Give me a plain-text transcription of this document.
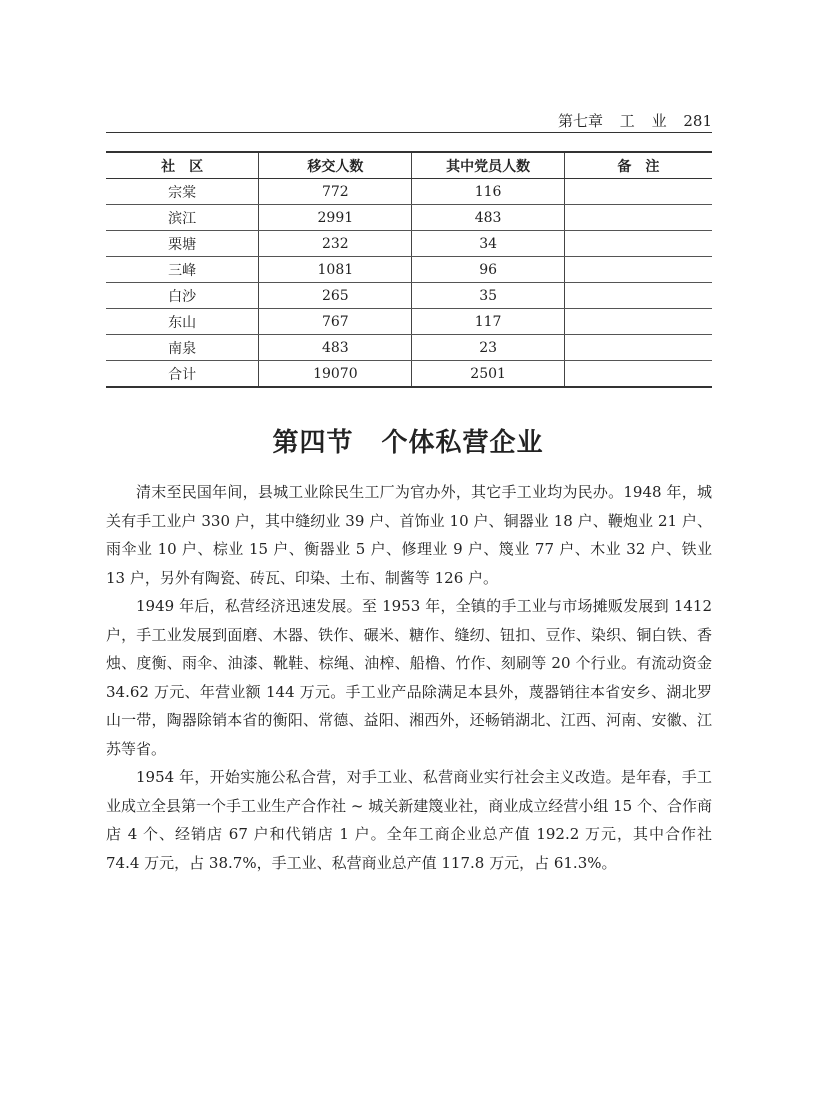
第七章 工 业 281
社　区	移交人数	其中党员人数	备　注
宗棠	772	116	
滨江	2991	483	
栗塘	232	34	
三峰	1081	96	
白沙	265	35	
东山	767	117	
南泉	483	23	
合计	19070	2501	
第四节 个体私营企业

清末至民国年间，县城工业除民生工厂为官办外，其它手工业均为民办。1948 年，城关有手工业户 330 户，其中缝纫业 39 户、首饰业 10 户、铜器业 18 户、鞭炮业 21 户、雨伞业 10 户、棕业 15 户、衡器业 5 户、修理业 9 户、篾业 77 户、木业 32 户、铁业 13 户，另外有陶瓷、砖瓦、印染、土布、制酱等 126 户。

1949 年后，私营经济迅速发展。至 1953 年，全镇的手工业与市场摊贩发展到 1412 户，手工业发展到面磨、木器、铁作、碾米、糖作、缝纫、钮扣、豆作、染织、铜白铁、香烛、度衡、雨伞、油漆、靴鞋、棕绳、油榨、船橹、竹作、刻刷等 20 个行业。有流动资金 34.62 万元、年营业额 144 万元。手工业产品除满足本县外，蔑器销往本省安乡、湖北罗山一带，陶器除销本省的衡阳、常德、益阳、湘西外，还畅销湖北、江西、河南、安徽、江苏等省。

1954 年，开始实施公私合营，对手工业、私营商业实行社会主义改造。是年春，手工业成立全县第一个手工业生产合作社 ~ 城关新建篾业社，商业成立经营小组 15 个、合作商店 4 个、经销店 67 户和代销店 1 户。全年工商企业总产值 192.2 万元，其中合作社 74.4 万元，占 38.7%，手工业、私营商业总产值 117.8 万元，占 61.3%。
